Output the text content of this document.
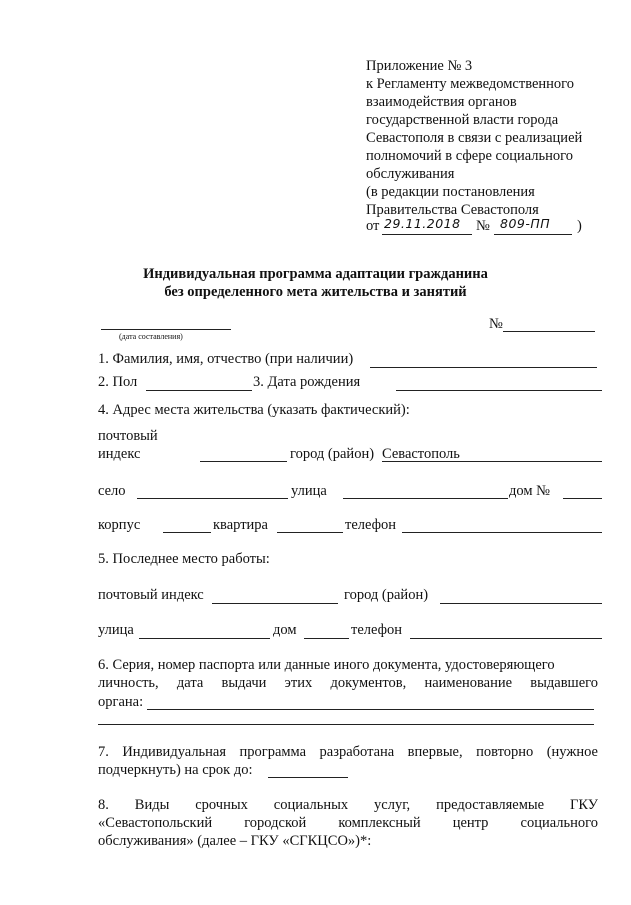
Приложение № 3
к Регламенту межведомственного
взаимодействия органов
государственной власти города
Севастополя в связи с реализацией
полномочий в сфере социального
обслуживания
(в редакции постановления
Правительства Севастополя
от 29.11.2018 № 809-ПП )
Индивидуальная программа адаптации гражданина
без определенного мета жительства и занятий
(дата составления)
№
1. Фамилия, имя, отчество (при наличии)
2. Пол	3. Дата рождения
4. Адрес места жительства (указать фактический):
почтовый
индекс	город (район) Севастополь
село	улица	дом №
корпус	квартира	телефон
5. Последнее место работы:
почтовый индекс	город (район)
улица	дом	телефон
6. Серия, номер паспорта или данные иного документа, удостоверяющего
личность, дата выдачи этих документов, наименование выдавшего
органа:
7. Индивидуальная программа разработана впервые, повторно (нужное
подчеркнуть) на срок до:
8. Виды срочных социальных услуг, предоставляемые ГКУ
«Севастопольский городской комплексный центр социального
обслуживания» (далее – ГКУ «СГКЦСО»)*:
